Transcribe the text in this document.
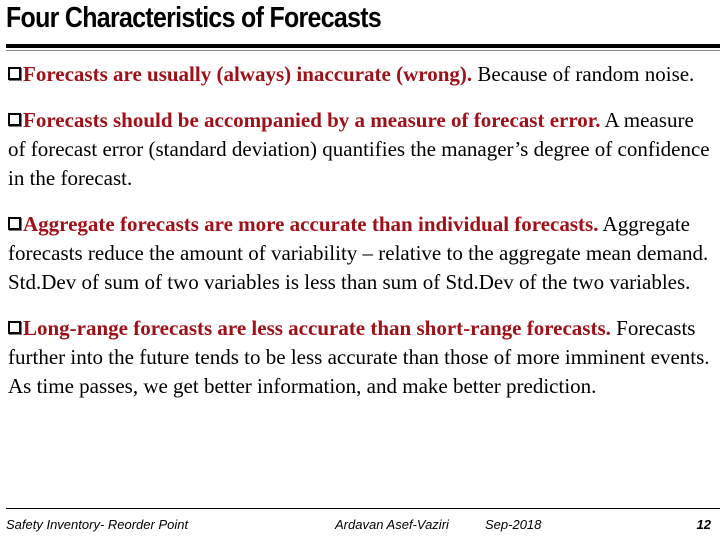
Four Characteristics of Forecasts
Forecasts are usually (always) inaccurate (wrong). Because of random noise.
Forecasts should be accompanied by a measure of forecast error. A measure of forecast error (standard deviation) quantifies the manager’s degree of confidence in the forecast.
Aggregate forecasts are more accurate than individual forecasts. Aggregate forecasts reduce the amount of variability – relative to the aggregate mean demand. Std.Dev of sum of two variables is less than sum of Std.Dev of the two variables.
Long-range forecasts are less accurate than short-range forecasts. Forecasts further into the future tends to be less accurate than those of more imminent events. As time passes, we get better information, and make better prediction.
Safety Inventory- Reorder Point	Ardavan Asef-Vaziri	Sep-2018	12
